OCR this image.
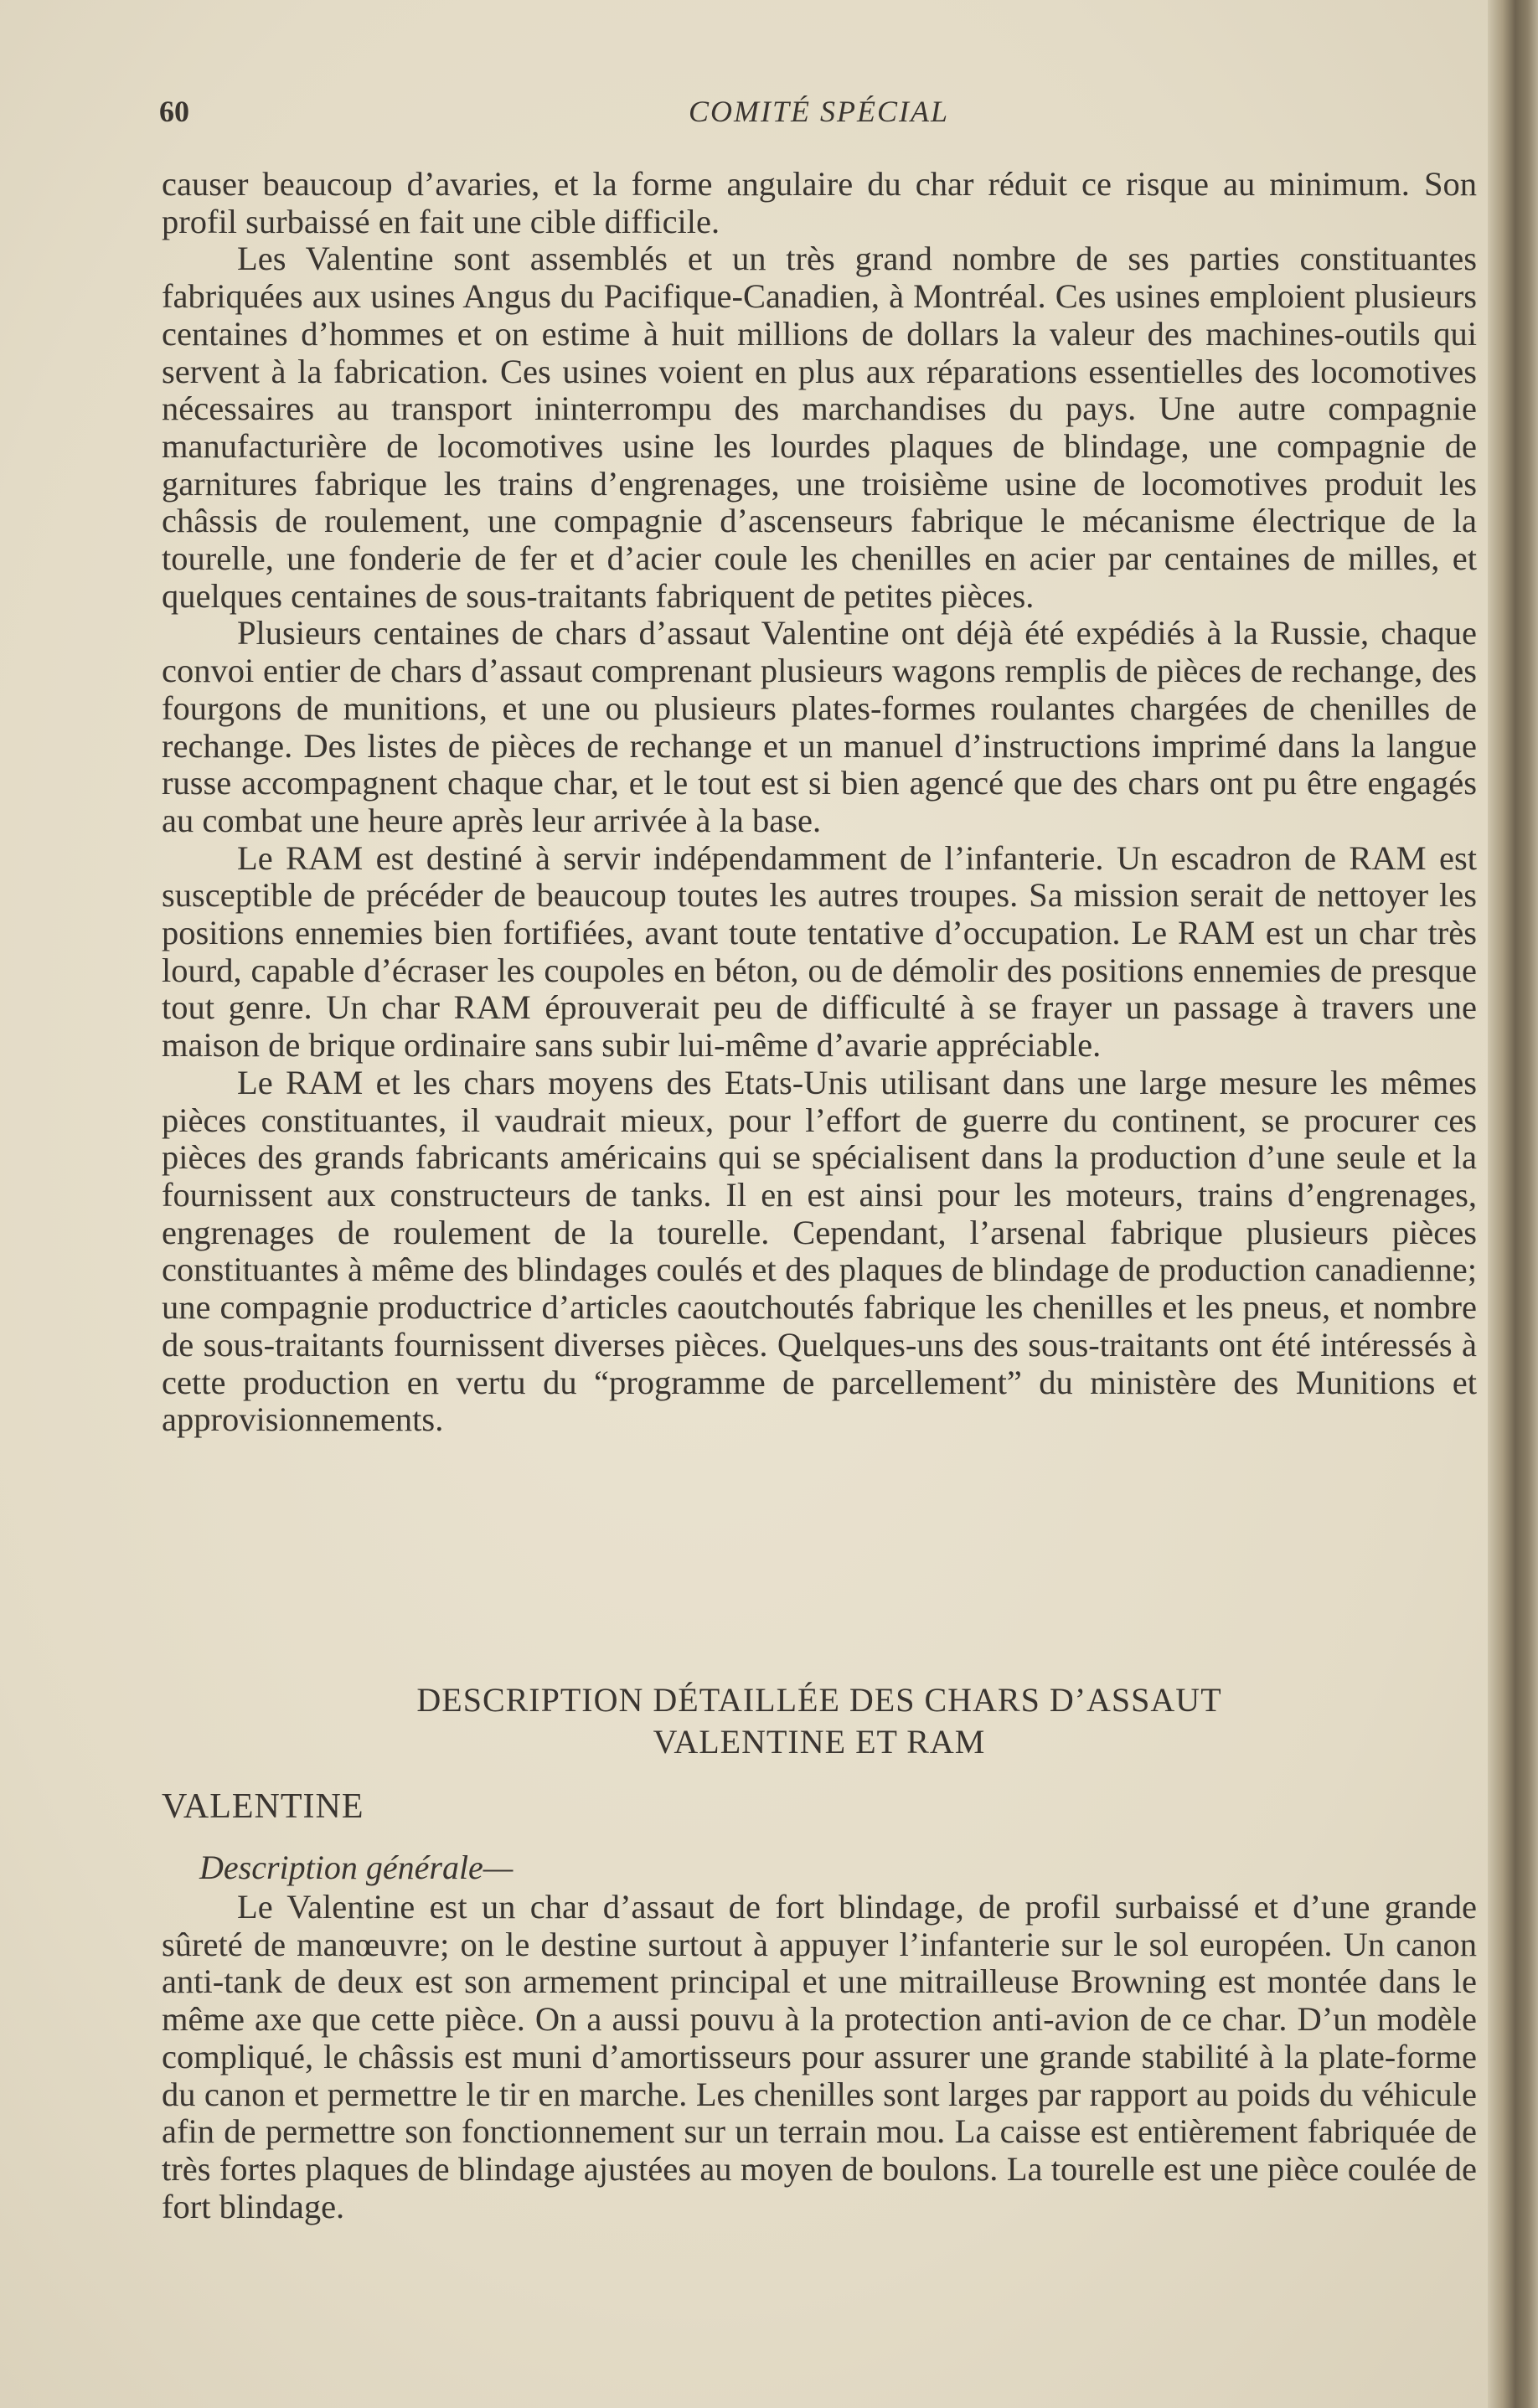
60	COMITÉ SPÉCIAL

causer beaucoup d’avaries, et la forme angulaire du char réduit ce risque au minimum. Son profil surbaissé en fait une cible difficile.

Les Valentine sont assemblés et un très grand nombre de ses parties constituantes fabriquées aux usines Angus du Pacifique-Canadien, à Montréal. Ces usines emploient plusieurs centaines d’hommes et on estime à huit millions de dollars la valeur des machines-outils qui servent à la fabrication. Ces usines voient en plus aux réparations essentielles des locomotives nécessaires au transport ininterrompu des marchandises du pays. Une autre compagnie manufacturière de locomotives usine les lourdes plaques de blindage, une compagnie de garnitures fabrique les trains d’engrenages, une troisième usine de locomotives produit les châssis de roulement, une compagnie d’ascenseurs fabrique le mécanisme électrique de la tourelle, une fonderie de fer et d’acier coule les chenilles en acier par centaines de milles, et quelques centaines de sous-traitants fabriquent de petites pièces.

Plusieurs centaines de chars d’assaut Valentine ont déjà été expédiés à la Russie, chaque convoi entier de chars d’assaut comprenant plusieurs wagons remplis de pièces de rechange, des fourgons de munitions, et une ou plusieurs plates-formes roulantes chargées de chenilles de rechange. Des listes de pièces de rechange et un manuel d’instructions imprimé dans la langue russe accompagnent chaque char, et le tout est si bien agencé que des chars ont pu être engagés au combat une heure après leur arrivée à la base.

Le RAM est destiné à servir indépendamment de l’infanterie. Un escadron de RAM est susceptible de précéder de beaucoup toutes les autres troupes. Sa mission serait de nettoyer les positions ennemies bien fortifiées, avant toute tentative d’occupation. Le RAM est un char très lourd, capable d’écraser les coupoles en béton, ou de démolir des positions ennemies de presque tout genre. Un char RAM éprouverait peu de difficulté à se frayer un passage à travers une maison de brique ordinaire sans subir lui-même d’avarie appréciable.

Le RAM et les chars moyens des Etats-Unis utilisant dans une large mesure les mêmes pièces constituantes, il vaudrait mieux, pour l’effort de guerre du continent, se procurer ces pièces des grands fabricants américains qui se spécialisent dans la production d’une seule et la fournissent aux constructeurs de tanks. Il en est ainsi pour les moteurs, trains d’engrenages, engrenages de roulement de la tourelle. Cependant, l’arsenal fabrique plusieurs pièces constituantes à même des blindages coulés et des plaques de blindage de production canadienne; une compagnie productrice d’articles caoutchoutés fabrique les chenilles et les pneus, et nombre de sous-traitants fournissent diverses pièces. Quelques-uns des sous-traitants ont été intéressés à cette production en vertu du “programme de parcellement” du ministère des Munitions et approvisionnements.

DESCRIPTION DÉTAILLÉE DES CHARS D’ASSAUT
VALENTINE ET RAM
VALENTINE
Description générale—

Le Valentine est un char d’assaut de fort blindage, de profil surbaissé et d’une grande sûreté de manœuvre; on le destine surtout à appuyer l’infanterie sur le sol européen. Un canon anti-tank de deux est son armement principal et une mitrailleuse Browning est montée dans le même axe que cette pièce. On a aussi pouvu à la protection anti-avion de ce char. D’un modèle compliqué, le châssis est muni d’amortisseurs pour assurer une grande stabilité à la plate-forme du canon et permettre le tir en marche. Les chenilles sont larges par rapport au poids du véhicule afin de permettre son fonctionnement sur un terrain mou. La caisse est entièrement fabriquée de très fortes plaques de blindage ajustées au moyen de boulons. La tourelle est une pièce coulée de fort blindage.
